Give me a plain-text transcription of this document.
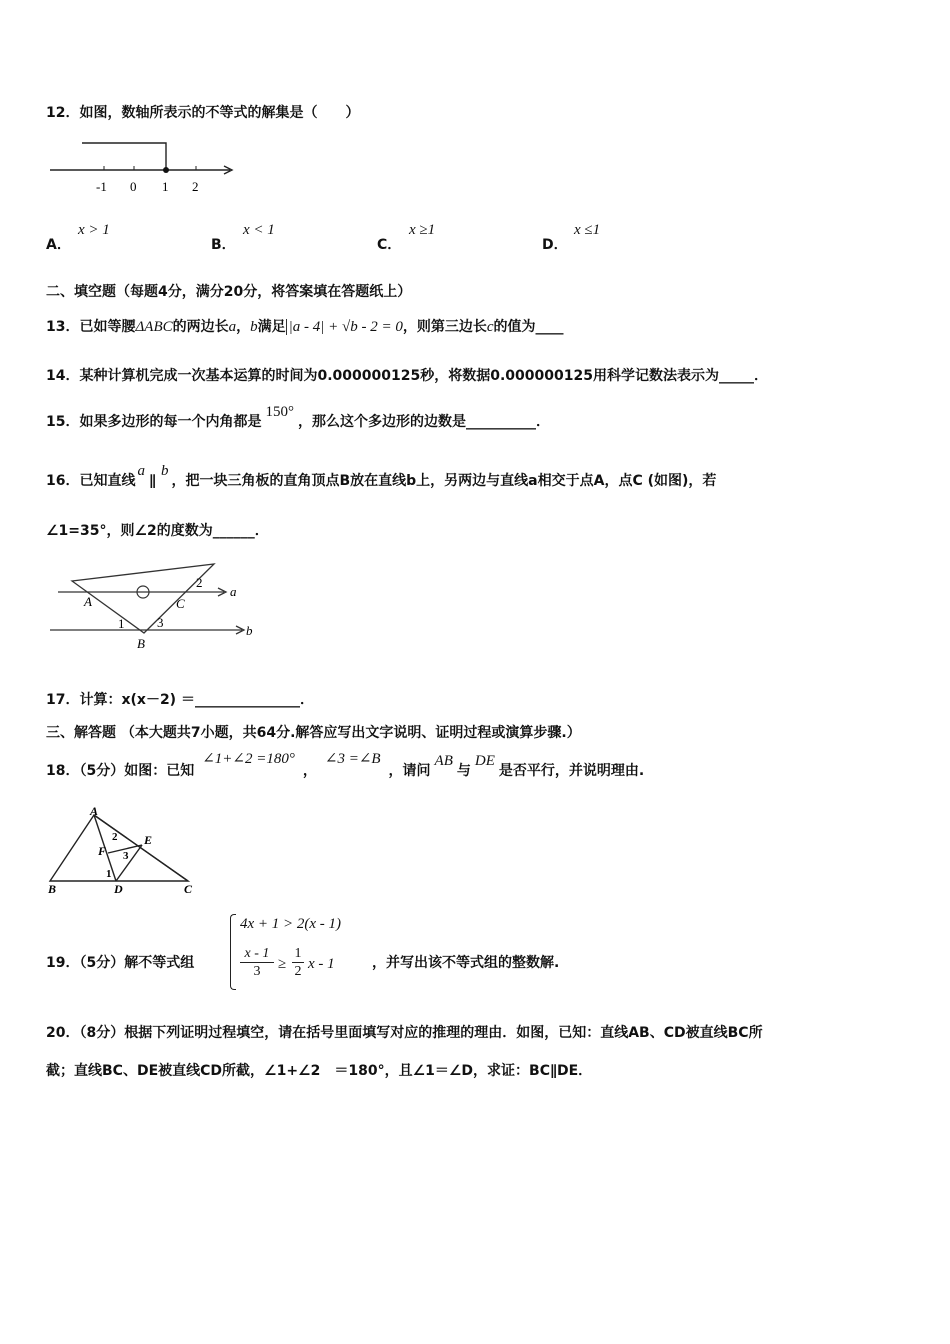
12．如图，数轴所表示的不等式的解集是（　　）
-1 0 1 2
A．
x > 1
B．
x < 1
C．
x ≥1
D．
x ≤1
二、填空题（每题4分，满分20分，将答案填在答题纸上）
13．已如等腰ΔABC的两边长a，b满足 |a - 4| + √b - 2 = 0，则第三边长c的值为____
14．某种计算机完成一次基本运算的时间为0.000000125秒，将数据0.000000125用科学记数法表示为_____．
15．如果多边形的每一个内角都是150°，那么这个多边形的边数是__________．
16．已知直线a∥b，把一块三角板的直角顶点B放在直线b上，另两边与直线a相交于点A，点C (如图)，若
∠1=35°，则∠2的度数为______．
A	C
B
1	3
2
a
b
17．计算：x(x－2) ＝_______________．
三、解答题 （本大题共7小题，共64分.解答应写出文字说明、证明过程或演算步骤.）
18．（5分）如图：已知∠1+∠2 =180°，∠3 =∠B，请问AB与DE是否平行，并说明理由.
A
B	C
D
E
F
1
2
3
19．（5分）解不等式组
4x + 1 > 2(x - 1)
$\frac{x - 1}{3}$ ≥
1
2 x - 1	，并写出该不等式组的整数解.
20．（8分）根据下列证明过程填空，请在括号里面填写对应的推理的理由．如图，已知：直线AB、CD被直线BC所
截；直线BC、DE被直线CD所截，∠1+∠2　＝180°，且∠1＝∠D，求证：BC∥DE．
